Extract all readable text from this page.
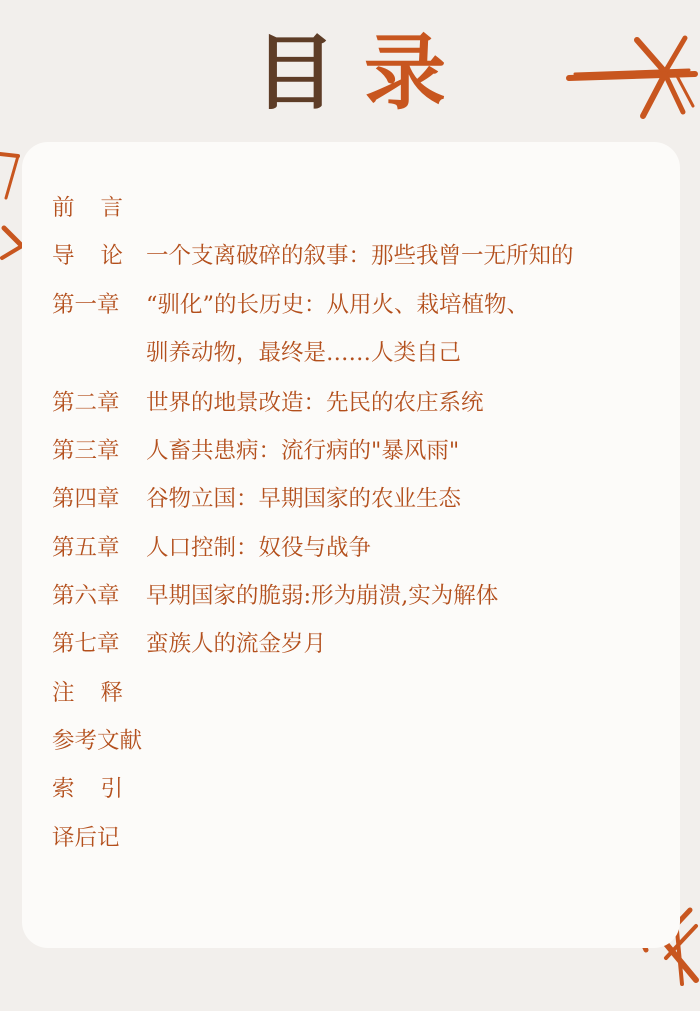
目 录
前 言
导 论 一个支离破碎的叙事：那些我曾一无所知的
第一章 “驯化”的长历史：从用火、栽培植物、
驯养动物，最终是……人类自己
第二章 世界的地景改造：先民的农庄系统
第三章 人畜共患病：流行病的"暴风雨"
第四章 谷物立国：早期国家的农业生态
第五章 人口控制：奴役与战争
第六章 早期国家的脆弱:形为崩溃,实为解体
第七章 蛮族人的流金岁月
注 释
参考文献
索 引
译后记
